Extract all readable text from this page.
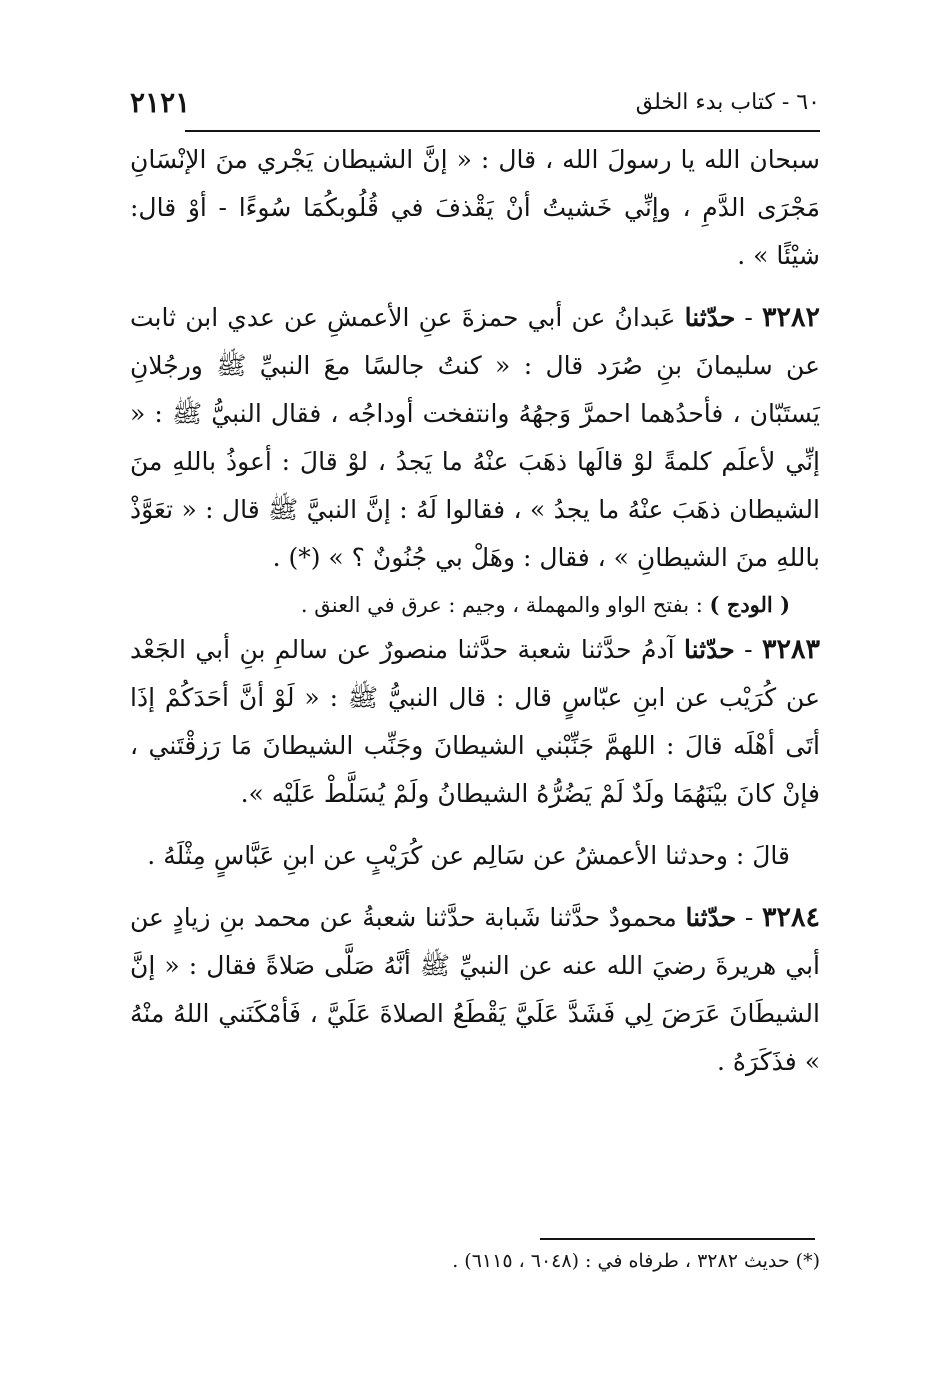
٦٠ - كتاب بدء الخلق
٢١٢١

سبحان الله يا رسولَ الله ، قال : « إنَّ الشيطان يَجْري منَ الإنْسَانِ مَجْرَى الدَّمِ ، وإنِّي خَشيتُ أنْ يَقْذفَ في قُلُوبكُمَا سُوءًا - أوْ قال: شيْئًا » .

٣٢٨٢ - حدّثنا عَبدانُ عن أبي حمزةَ عنِ الأعمشِ عن عدي ابن ثابت عن سليمانَ بنِ صُرَد قال : « كنتُ جالسًا معَ النبيِّ ﷺ ورجُلانِ يَستَبّان ، فأحدُهما احمرَّ وَجهُهُ وانتفخت أوداجُه ، فقال النبيُّ ﷺ : « إنِّي لأعلَم كلمةً لوْ قالَها ذهَبَ عنْهُ ما يَجدُ ، لوْ قالَ : أعوذُ باللهِ منَ الشيطان ذهَبَ عنْهُ ما يجدُ » ، فقالوا لَهُ : إنَّ النبيَّ ﷺ قال : « تعَوَّذْ باللهِ منَ الشيطانِ » ، فقال : وهَلْ بي جُنُونٌ ؟ » (*) .

( الودج ) : بفتح الواو والمهملة ، وجيم : عرق في العنق .

٣٢٨٣ - حدّثنا آدمُ حدَّثنا شعبة حدَّثنا منصورٌ عن سالمِ بنِ أبي الجَعْد عن كُرَيْب عن ابنِ عبّاسٍ قال : قال النبيُّ ﷺ : « لَوْ أنَّ أحَدَكُمْ إذَا أتَى أهْلَه قالَ : اللهمَّ جَنِّبْني الشيطانَ وجَنِّب الشيطانَ مَا رَزقْتَني ، فإنْ كانَ بيْنَهُمَا ولَدٌ لَمْ يَضُرُّهُ الشيطانُ ولَمْ يُسَلَّطْ عَلَيْه ».

قالَ : وحدثنا الأعمشُ عن سَالِم عن كُرَيْبٍ عن ابنِ عَبَّاسٍ مِثْلَهُ .

٣٢٨٤ - حدّثنا محمودٌ حدَّثنا شَبابة حدَّثنا شعبةُ عن محمد بنِ زيادٍ عن أبي هريرةَ رضيَ الله عنه عن النبيِّ ﷺ أنَّهُ صَلَّى صَلاةً فقال : « إنَّ الشيطَانَ عَرَضَ لِي فَشَدَّ عَلَيَّ يَقْطَعُ الصلاةَ عَلَيَّ ، فَأمْكَنَني اللهُ منْهُ » فذَكَرَهُ .

(*) حديث ٣٢٨٢ ، طرفاه في : (٦٠٤٨ ، ٦١١٥) .
